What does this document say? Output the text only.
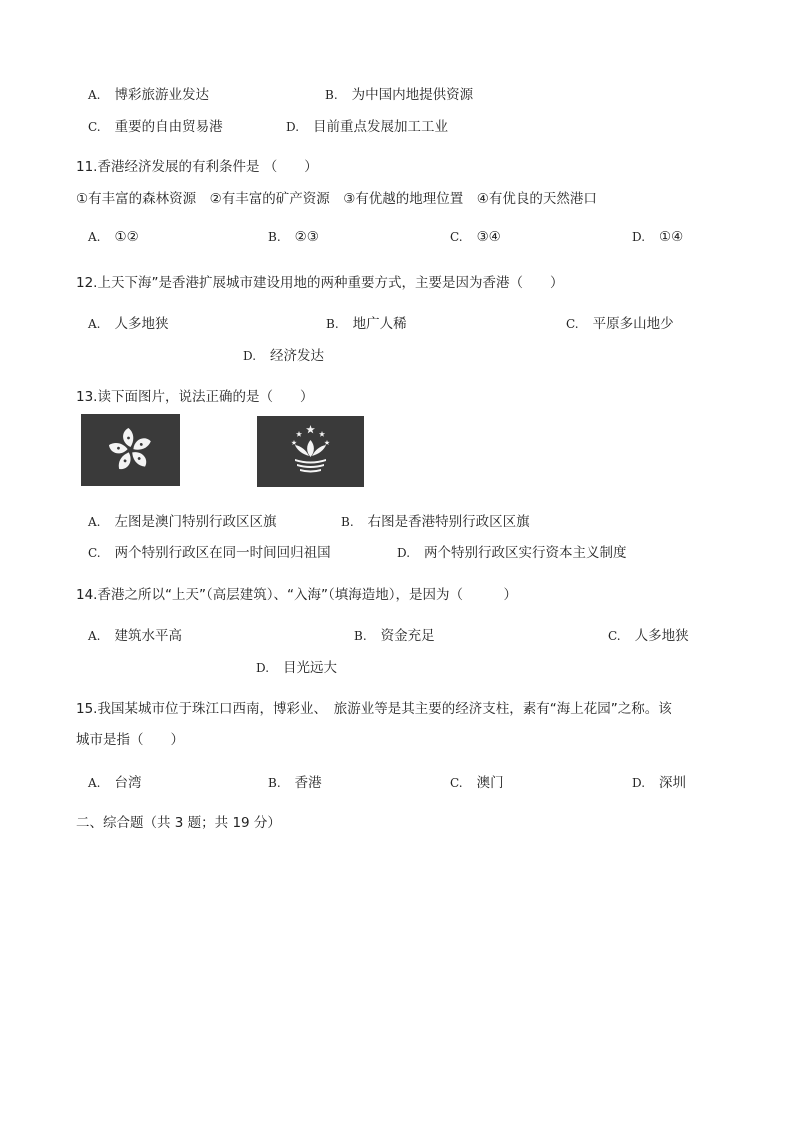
A. 博彩旅游业发达	B. 为中国内地提供资源
C. 重要的自由贸易港	D. 目前重点发展加工工业
11.香港经济发展的有利条件是 （　　）
①有丰富的森林资源　②有丰富的矿产资源　③有优越的地理位置　④有优良的天然港口
A. ①②	B. ②③	C. ③④	D. ①④
12.上天下海”是香港扩展城市建设用地的两种重要方式，主要是因为香港（　　）
A. 人多地狭	B. 地广人稀	C. 平原多山地少
D. 经济发达
13.读下面图片，说法正确的是（　　）
A. 左图是澳门特别行政区区旗	B. 右图是香港特别行政区区旗
C. 两个特别行政区在同一时间回归祖国	D. 两个特别行政区实行资本主义制度
14.香港之所以“上天”（高层建筑）、“入海”（填海造地），是因为（　　　）
A. 建筑水平高	B. 资金充足	C. 人多地狭
D. 目光远大
15.我国某城市位于珠江口西南，博彩业、　旅游业等是其主要的经济支柱，素有“海上花园”之称。该
城市是指（　　）
A. 台湾	B. 香港	C. 澳门	D. 深圳
二、综合题（共 3 题；共 19 分）
